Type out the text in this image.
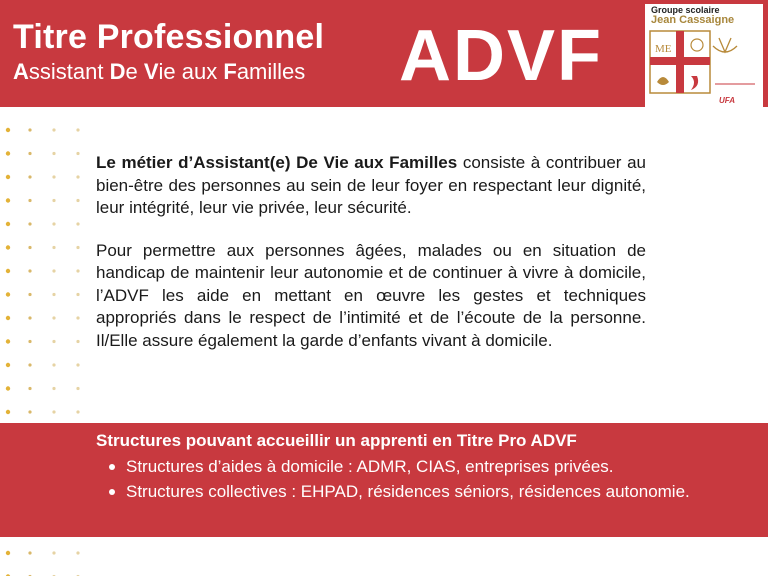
Titre Professionnel
Assistant De Vie aux Familles ADVF
Groupe scolaire
Jean Cassaigne
ME
UFA

Le métier d’Assistant(e) De Vie aux Familles consiste à contribuer au bien-être des personnes au sein de leur foyer en respectant leur dignité, leur intégrité, leur vie privée, leur sécurité.

Pour permettre aux personnes âgées, malades ou en situation de handicap de maintenir leur autonomie et de continuer à vivre à domicile, l’ADVF les aide en mettant en œuvre les gestes et techniques appropriés dans le respect de l’intimité et de l’écoute de la personne. Il/Elle assure également la garde d’enfants vivant à domicile.

Structures pouvant accueillir un apprenti en Titre Pro ADVF
Structures d’aides à domicile : ADMR, CIAS, entreprises privées.
Structures collectives : EHPAD, résidences séniors, résidences autonomie.
